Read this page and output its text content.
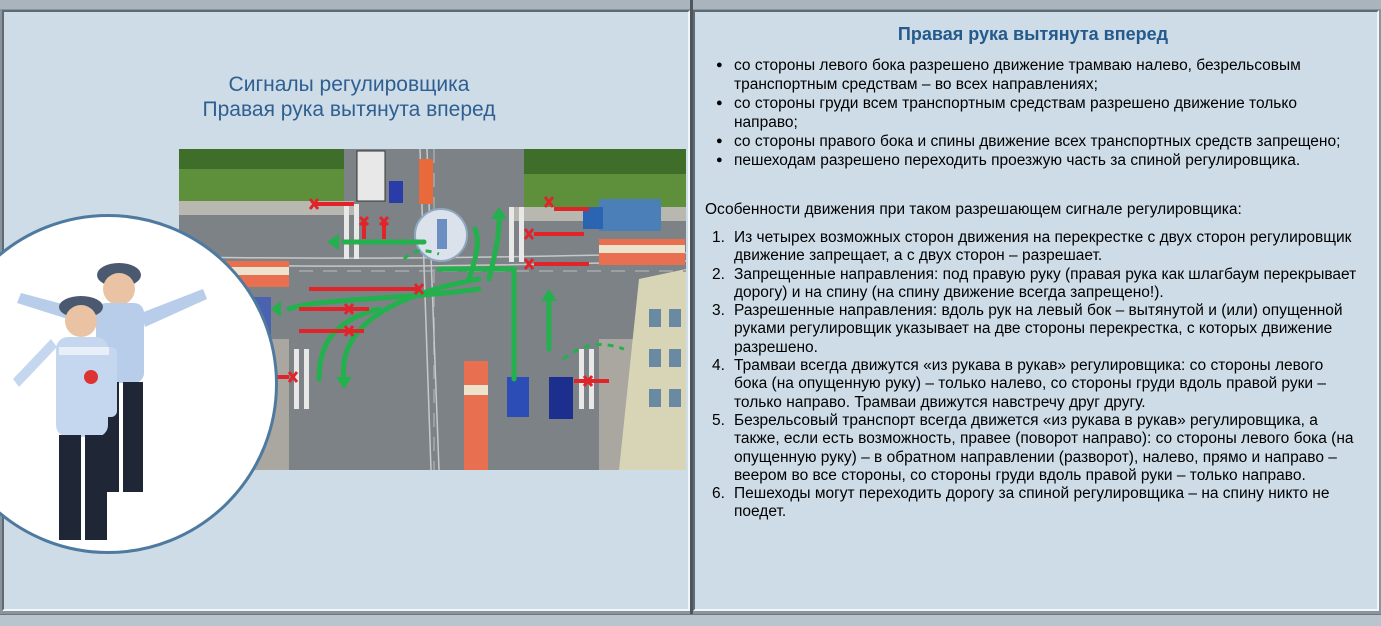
Сигналы регулировщика
Правая рука вытянута вперед
Правая рука вытянута вперед
● со стороны левого бока разрешено движение трамваю налево, безрельсовым транспортным средствам – во всех направлениях;
● со стороны груди всем транспортным средствам разрешено движение только направо;
● со стороны правого бока и спины движение всех транспортных средств запрещено;
● пешеходам разрешено переходить проезжую часть за спиной регулировщика.
Особенности движения при таком разрешающем сигнале регулировщика:
1. Из четырех возможных сторон движения на перекрестке с двух сторон регулировщик движение запрещает, а с двух сторон – разрешает.
2. Запрещенные направления: под правую руку (правая рука как шлагбаум перекрывает дорогу) и на спину (на спину движение всегда запрещено!).
3. Разрешенные направления: вдоль рук на левый бок – вытянутой и (или) опущенной руками регулировщик указывает на две стороны перекрестка, с которых движение разрешено.
4. Трамваи всегда движутся «из рукава в рукав» регулировщика: со стороны левого бока (на опущенную руку) – только налево, со стороны груди вдоль правой руки – только направо. Трамваи движутся навстречу друг другу.
5. Безрельсовый транспорт всегда движется «из рукава в рукав» регулировщика, а также, если есть возможность, правее (поворот направо): со стороны левого бока (на опущенную руку) – в обратном направлении (разворот), налево, прямо и направо – веером во все стороны, со стороны груди вдоль правой руки – только направо.
6. Пешеходы могут переходить дорогу за спиной регулировщика – на спину никто не поедет.
